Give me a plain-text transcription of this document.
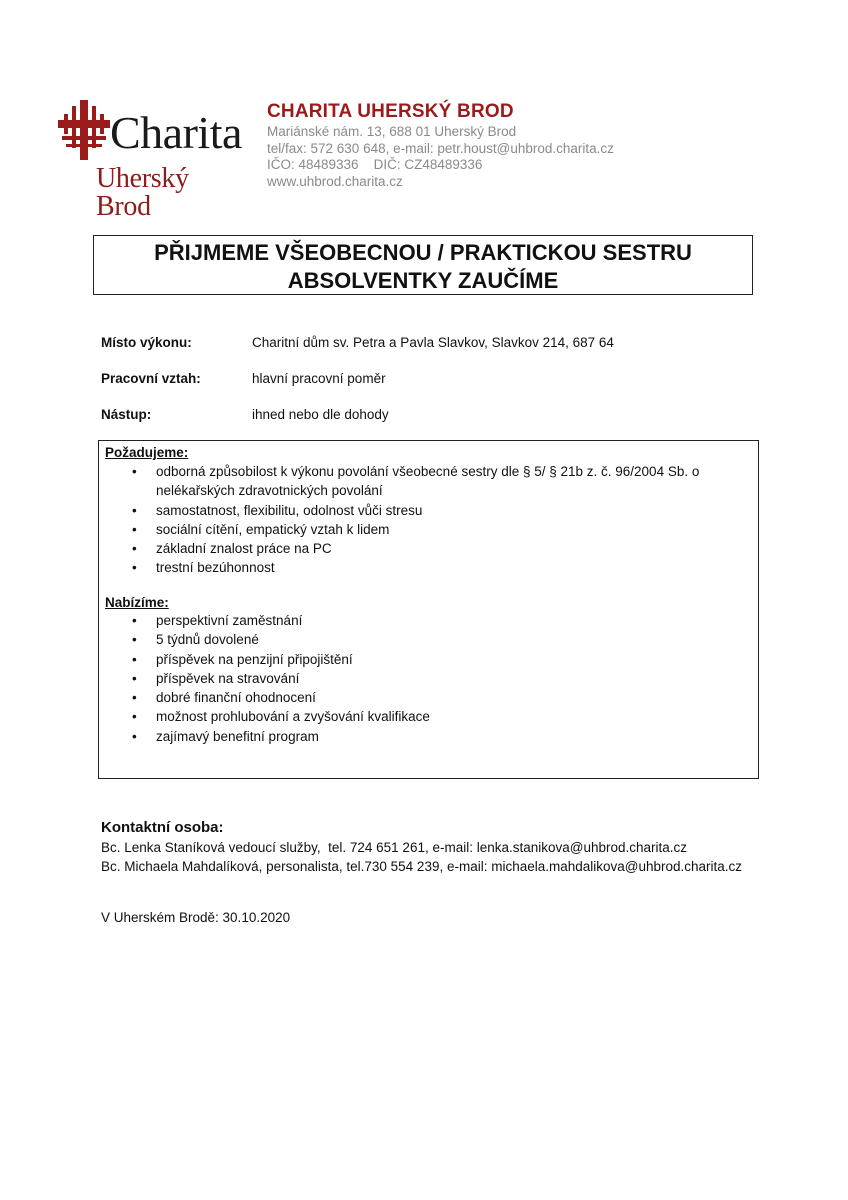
Charita
Uherský Brod
CHARITA UHERSKÝ BROD
Mariánské nám. 13, 688 01 Uherský Brod
tel/fax: 572 630 648, e-mail: petr.houst@uhbrod.charita.cz
IČO: 48489336    DIČ: CZ48489336
www.uhbrod.charita.cz
PŘIJMEME VŠEOBECNOU / PRAKTICKOU SESTRU
ABSOLVENTKY ZAUČÍME
Místo výkonu:	Charitní dům sv. Petra a Pavla Slavkov, Slavkov 214, 687 64
Pracovní vztah:	hlavní pracovní poměr
Nástup:	ihned nebo dle dohody
Požadujeme:
• odborná způsobilost k výkonu povolání všeobecné sestry dle § 5/ § 21b z. č. 96/2004 Sb. o nelékařských zdravotnických povolání
• samostatnost, flexibilitu, odolnost vůči stresu
• sociální cítění, empatický vztah k lidem
• základní znalost práce na PC
• trestní bezúhonnost
Nabízíme:
• perspektivní zaměstnání
• 5 týdnů dovolené
• příspěvek na penzijní připojištění
• příspěvek na stravování
• dobré finanční ohodnocení
• možnost prohlubování a zvyšování kvalifikace
• zajímavý benefitní program
Kontaktní osoba:
Bc. Lenka Staníková vedoucí služby,  tel. 724 651 261, e-mail: lenka.stanikova@uhbrod.charita.cz
Bc. Michaela Mahdalíková, personalista, tel.730 554 239, e-mail: michaela.mahdalikova@uhbrod.charita.cz
V Uherském Brodě: 30.10.2020
